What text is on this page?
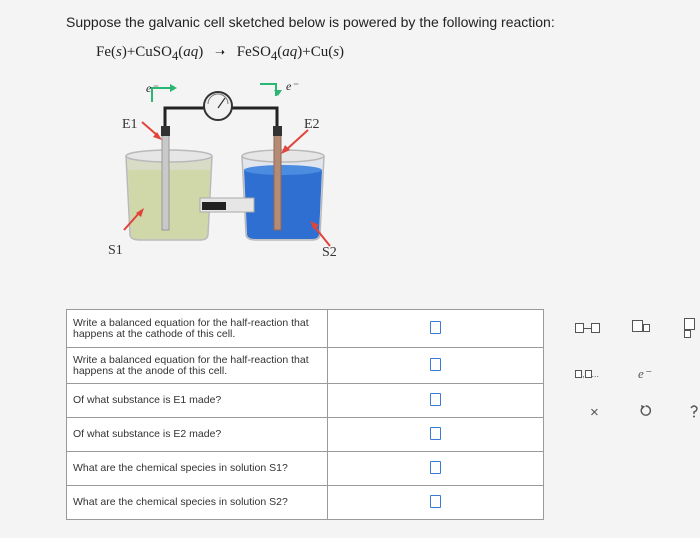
Suppose the galvanic cell sketched below is powered by the following reaction:
Fe(s)+CuSO$_4$(aq) ➝ FeSO$_4$(aq)+Cu(s)
e⁻	e⁻
E1	E2
S1	S2
Write a balanced equation for the half-reaction that happens at the cathode of this cell.	
Write a balanced equation for the half-reaction that happens at the anode of this cell.	
Of what substance is E1 made?	
Of what substance is E2 made?	
What are the chemical species in solution S1?	
What are the chemical species in solution S2?	
, ...	e⁻
×
